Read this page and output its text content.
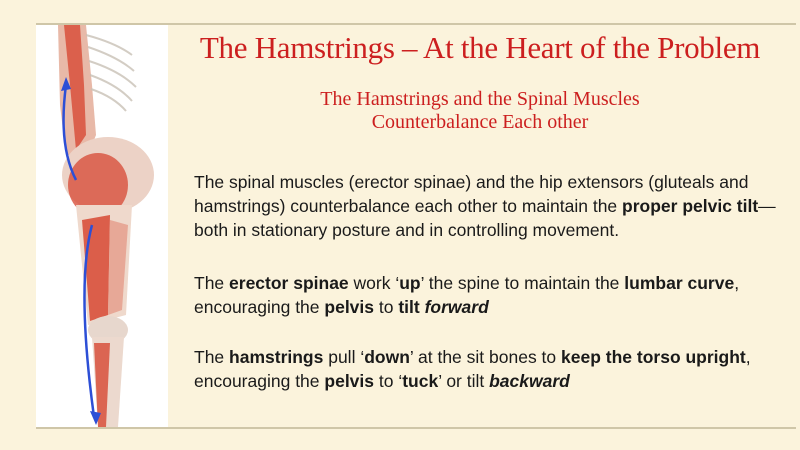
The Hamstrings – At the Heart of the Problem
The Hamstrings and the Spinal Muscles
Counterbalance Each other
The spinal muscles (erector spinae) and the hip extensors (gluteals and hamstrings) counterbalance each other to maintain the proper pelvic tilt— both in stationary posture and in controlling movement.
The erector spinae work ‘up’ the spine to maintain the lumbar curve, encouraging the pelvis to tilt forward
The hamstrings pull ‘down’ at the sit bones to keep the torso upright, encouraging the pelvis to ‘tuck’ or tilt backward
